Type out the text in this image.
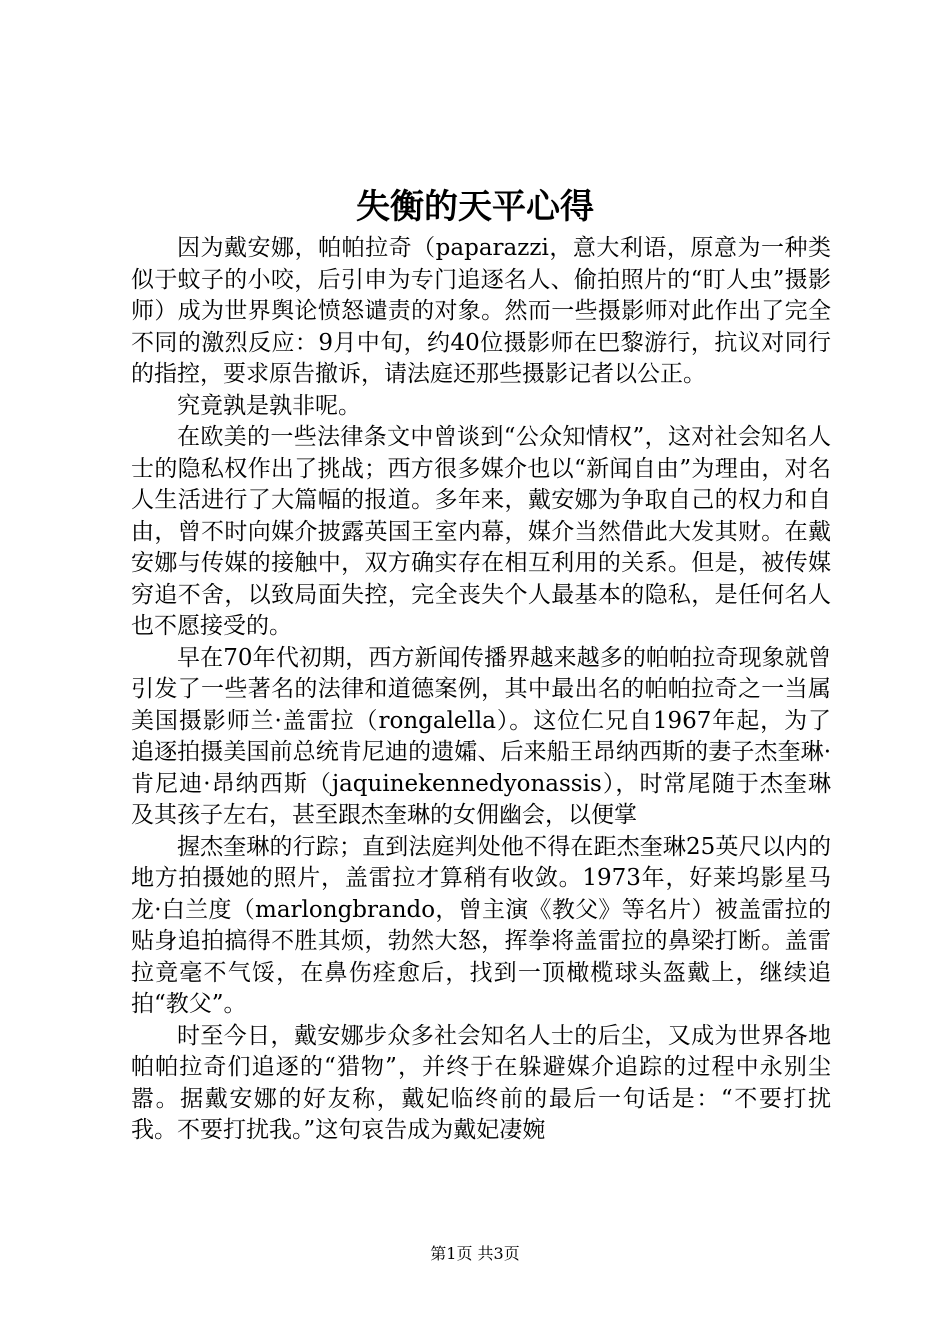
失衡的天平心得

因为戴安娜，帕帕拉奇（paparazzi，意大利语，原意为一种类似于蚊子的小咬，后引申为专门追逐名人、偷拍照片的“盯人虫”摄影师）成为世界舆论愤怒谴责的对象。然而一些摄影师对此作出了完全不同的激烈反应：9月中旬，约40位摄影师在巴黎游行，抗议对同行的指控，要求原告撤诉，请法庭还那些摄影记者以公正。

究竟孰是孰非呢。

在欧美的一些法律条文中曾谈到“公众知情权”，这对社会知名人士的隐私权作出了挑战；西方很多媒介也以“新闻自由”为理由，对名人生活进行了大篇幅的报道。多年来，戴安娜为争取自己的权力和自由，曾不时向媒介披露英国王室内幕，媒介当然借此大发其财。在戴安娜与传媒的接触中，双方确实存在相互利用的关系。但是，被传媒穷追不舍，以致局面失控，完全丧失个人最基本的隐私，是任何名人也不愿接受的。

早在70年代初期，西方新闻传播界越来越多的帕帕拉奇现象就曾引发了一些著名的法律和道德案例，其中最出名的帕帕拉奇之一当属美国摄影师兰·盖雷拉（rongalella）。这位仁兄自1967年起，为了追逐拍摄美国前总统肯尼迪的遗孀、后来船王昂纳西斯的妻子杰奎琳·肯尼迪·昂纳西斯（jaquinekennedyonassis），时常尾随于杰奎琳及其孩子左右，甚至跟杰奎琳的女佣幽会，以便掌

握杰奎琳的行踪；直到法庭判处他不得在距杰奎琳25英尺以内的地方拍摄她的照片，盖雷拉才算稍有收敛。1973年，好莱坞影星马龙·白兰度（marlongbrando，曾主演《教父》等名片）被盖雷拉的贴身追拍搞得不胜其烦，勃然大怒，挥拳将盖雷拉的鼻梁打断。盖雷拉竟毫不气馁，在鼻伤痊愈后，找到一顶橄榄球头盔戴上，继续追拍“教父”。

时至今日，戴安娜步众多社会知名人士的后尘，又成为世界各地帕帕拉奇们追逐的“猎物”，并终于在躲避媒介追踪的过程中永别尘嚣。据戴安娜的好友称，戴妃临终前的最后一句话是：“不要打扰我。不要打扰我。”这句哀告成为戴妃凄婉

第1页 共3页
